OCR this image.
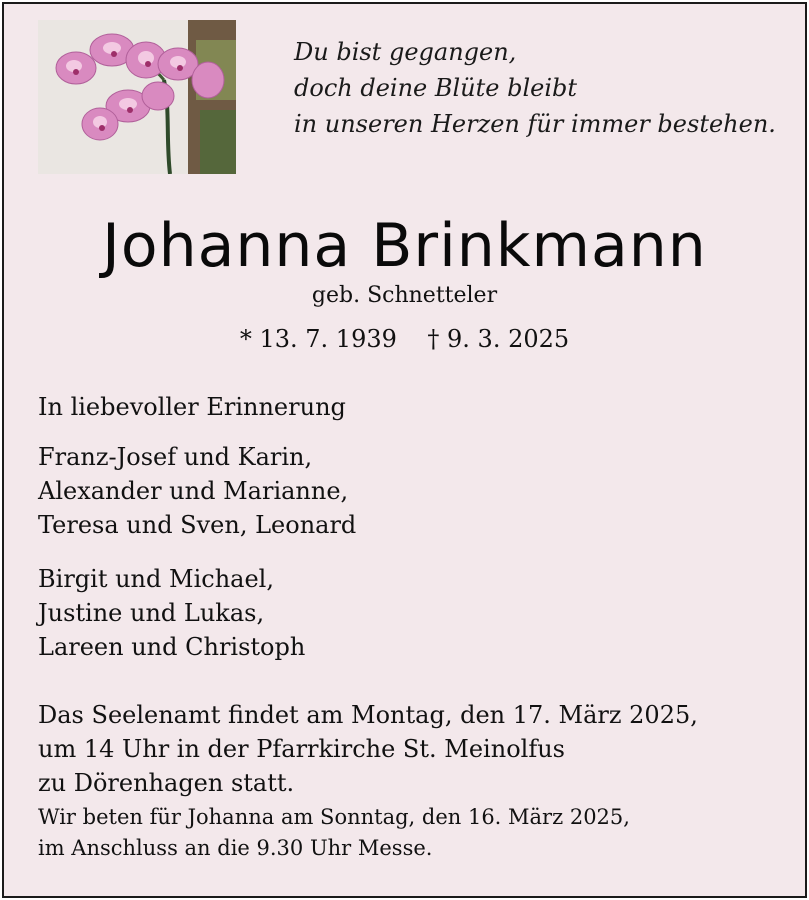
Du bist gegangen,
doch deine Blüte bleibt
in unseren Herzen für immer bestehen.
Johanna Brinkmann
geb. Schnetteler
* 13. 7. 1939 † 9. 3. 2025
In liebevoller Erinnerung
Franz-Josef und Karin,
Alexander und Marianne,
Teresa und Sven, Leonard
Birgit und Michael,
Justine und Lukas,
Lareen und Christoph
Das Seelenamt findet am Montag, den 17. März 2025,
um 14 Uhr in der Pfarrkirche St. Meinolfus
zu Dörenhagen statt.
Wir beten für Johanna am Sonntag, den 16. März 2025,
im Anschluss an die 9.30 Uhr Messe.
